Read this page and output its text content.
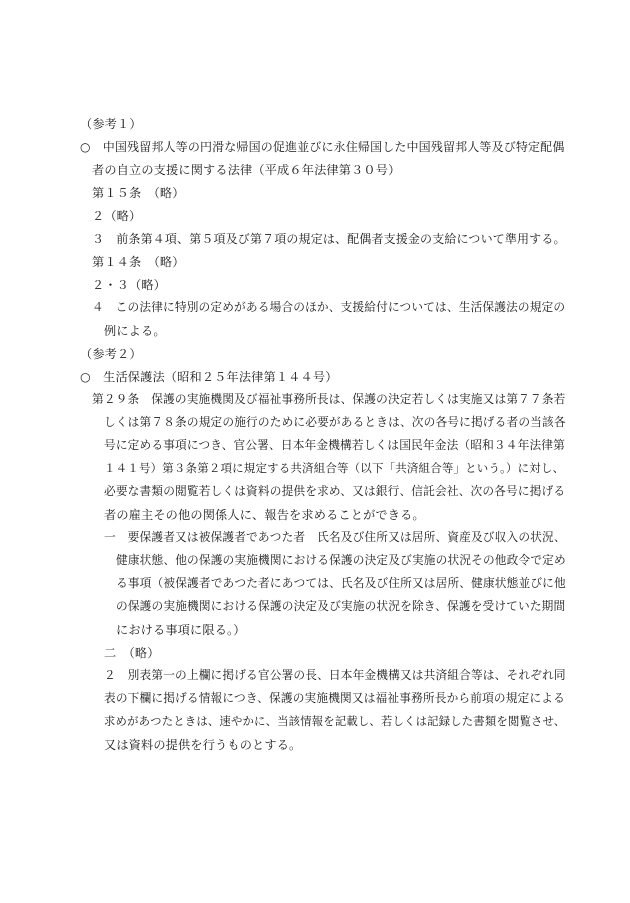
（参考１）
○　中国残留邦人等の円滑な帰国の促進並びに永住帰国した中国残留邦人等及び特定配偶
者の自立の支援に関する法律（平成６年法律第３０号）
第１５条　（略）
２（略）
３　前条第４項、第５項及び第７項の規定は、配偶者支援金の支給について準用する。
第１４条　（略）
２・３（略）
４　この法律に特別の定めがある場合のほか、支援給付については、生活保護法の規定の
例による。
（参考２）
○　生活保護法（昭和２５年法律第１４４号）
第２９条　保護の実施機関及び福祉事務所長は、保護の決定若しくは実施又は第７７条若
しくは第７８条の規定の施行のために必要があるときは、次の各号に掲げる者の当該各
号に定める事項につき、官公署、日本年金機構若しくは国民年金法（昭和３４年法律第
１４１号）第３条第２項に規定する共済組合等（以下「共済組合等」という。）に対し、
必要な書類の閲覧若しくは資料の提供を求め、又は銀行、信託会社、次の各号に掲げる
者の雇主その他の関係人に、報告を求めることができる。
一　要保護者又は被保護者であつた者　氏名及び住所又は居所、資産及び収入の状況、
健康状態、他の保護の実施機関における保護の決定及び実施の状況その他政令で定め
る事項（被保護者であつた者にあつては、氏名及び住所又は居所、健康状態並びに他
の保護の実施機関における保護の決定及び実施の状況を除き、保護を受けていた期間
における事項に限る。）
二　（略）
２　別表第一の上欄に掲げる官公署の長、日本年金機構又は共済組合等は、それぞれ同
表の下欄に掲げる情報につき、保護の実施機関又は福祉事務所長から前項の規定による
求めがあつたときは、速やかに、当該情報を記載し、若しくは記録した書類を閲覧させ、
又は資料の提供を行うものとする。
